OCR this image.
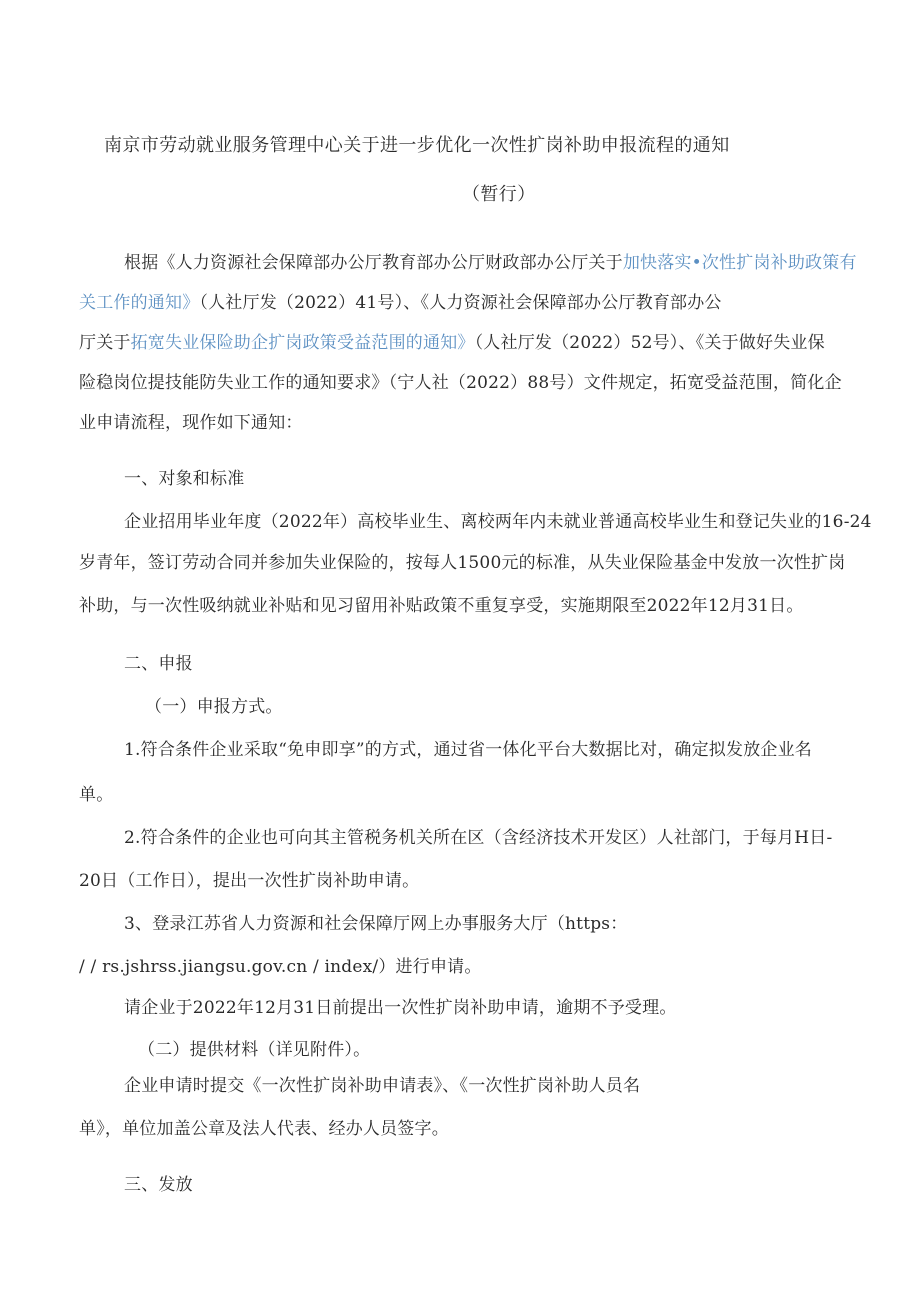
南京市劳动就业服务管理中心关于进一步优化一次性扩岗补助申报流程的通知
（暂行）
根据《人力资源社会保障部办公厅教育部办公厅财政部办公厅关于加快落实•次性扩岗补助政策有
关工作的通知》（人社厅发（2022）41号）、《人力资源社会保障部办公厅教育部办公
厅关于拓宽失业保险助企扩岗政策受益范围的通知》（人社厅发（2022）52号）、《关于做好失业保
险稳岗位提技能防失业工作的通知要求》（宁人社（2022）88号）文件规定，拓宽受益范围，简化企
业申请流程，现作如下通知：
一、对象和标准
企业招用毕业年度（2022年）高校毕业生、离校两年内未就业普通高校毕业生和登记失业的16-24
岁青年，签订劳动合同并参加失业保险的，按每人1500元的标准，从失业保险基金中发放一次性扩岗
补助，与一次性吸纳就业补贴和见习留用补贴政策不重复享受，实施期限至2022年12月31日。
二、申报
（一）申报方式。
1.符合条件企业采取“免申即享”的方式，通过省一体化平台大数据比对，确定拟发放企业名
单。
2.符合条件的企业也可向其主管税务机关所在区（含经济技术开发区）人社部门，于每月H日-
20日（工作日），提出一次性扩岗补助申请。
3、登录江苏省人力资源和社会保障厅网上办事服务大厅（https：
/ / rs.jshrss.jiangsu.gov.cn / index/）进行申请。
请企业于2022年12月31日前提出一次性扩岗补助申请，逾期不予受理。
（二）提供材料（详见附件）。
企业申请时提交《一次性扩岗补助申请表》、《一次性扩岗补助人员名
单》，单位加盖公章及法人代表、经办人员签字。
三、发放
